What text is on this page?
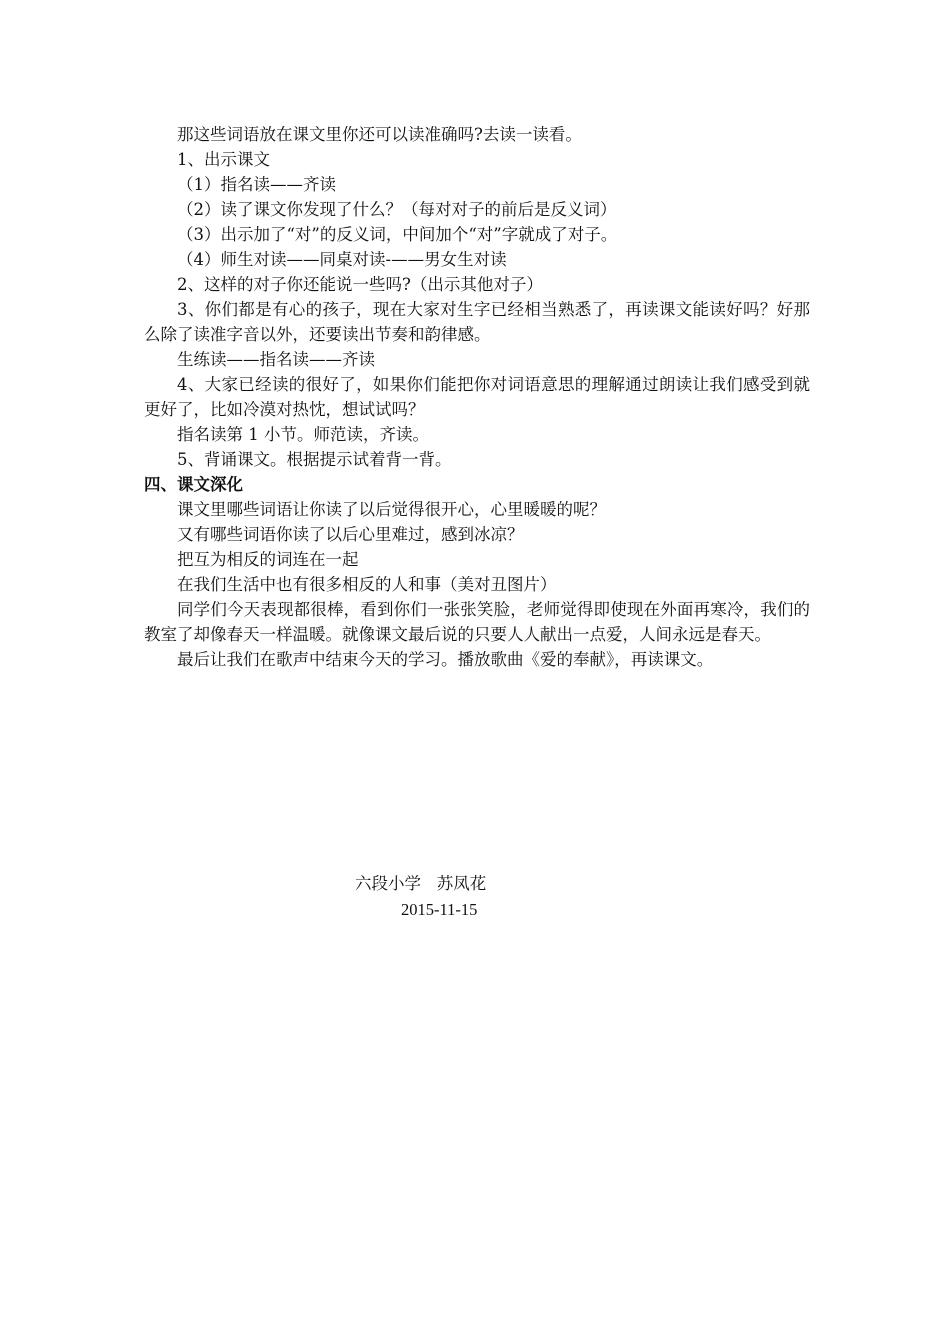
那这些词语放在课文里你还可以读准确吗?去读一读看。

1、出示课文

（1）指名读——齐读

（2）读了课文你发现了什么？（每对对子的前后是反义词）

（3）出示加了“对”的反义词，中间加个“对”字就成了对子。

（4）师生对读——同桌对读-——男女生对读

2、这样的对子你还能说一些吗?（出示其他对子）

3、你们都是有心的孩子，现在大家对生字已经相当熟悉了，再读课文能读好吗？好那么除了读准字音以外，还要读出节奏和韵律感。

生练读——指名读——齐读

4、大家已经读的很好了，如果你们能把你对词语意思的理解通过朗读让我们感受到就更好了，比如冷漠对热忱，想试试吗？

指名读第 1 小节。师范读，齐读。

5、背诵课文。根据提示试着背一背。

四、课文深化

课文里哪些词语让你读了以后觉得很开心，心里暖暖的呢？

又有哪些词语你读了以后心里难过，感到冰凉？

把互为相反的词连在一起

在我们生活中也有很多相反的人和事（美对丑图片）

同学们今天表现都很棒，看到你们一张张笑脸，老师觉得即使现在外面再寒冷，我们的教室了却像春天一样温暖。就像课文最后说的只要人人献出一点爱，人间永远是春天。

最后让我们在歌声中结束今天的学习。播放歌曲《爱的奉献》，再读课文。

六段小学   苏凤花
2015-11-15
